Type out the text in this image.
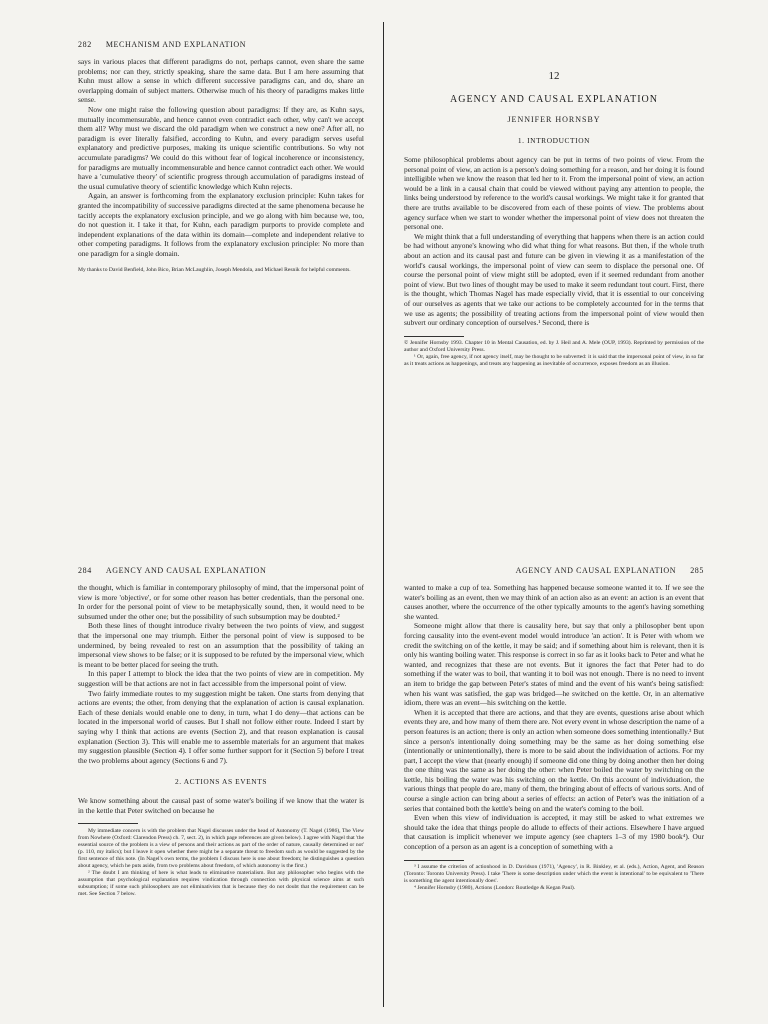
282 MECHANISM AND EXPLANATION

says in various places that different paradigms do not, perhaps cannot, even share the same problems; nor can they, strictly speaking, share the same data. But I am here assuming that Kuhn must allow a sense in which different successive paradigms can, and do, share an overlapping domain of subject matters. Otherwise much of his theory of paradigms makes little sense.

Now one might raise the following question about paradigms: If they are, as Kuhn says, mutually incommensurable, and hence cannot even contradict each other, why can't we accept them all? Why must we discard the old paradigm when we construct a new one? After all, no paradigm is ever literally falsified, according to Kuhn, and every paradigm serves useful explanatory and predictive purposes, making its unique scientific contributions. So why not accumulate paradigms? We could do this without fear of logical incoherence or inconsistency, for paradigms are mutually incommensurable and hence cannot contradict each other. We would have a 'cumulative theory' of scientific progress through accumulation of paradigms instead of the usual cumulative theory of scientific knowledge which Kuhn rejects.

Again, an answer is forthcoming from the explanatory exclusion principle: Kuhn takes for granted the incompatibility of successive paradigms directed at the same phenomena because he tacitly accepts the explanatory exclusion principle, and we go along with him because we, too, do not question it. I take it that, for Kuhn, each paradigm purports to provide complete and independent explanations of the data within its domain—complete and independent relative to other competing paradigms. It follows from the explanatory exclusion principle: No more than one paradigm for a single domain.

My thanks to David Benfield, John Bico, Brian McLaughlin, Joseph Mendola, and Michael Resnik for helpful comments.

12
AGENCY AND CAUSAL EXPLANATION
JENNIFER HORNSBY
1. INTRODUCTION

Some philosophical problems about agency can be put in terms of two points of view. From the personal point of view, an action is a person's doing something for a reason, and her doing it is found intelligible when we know the reason that led her to it. From the impersonal point of view, an action would be a link in a causal chain that could be viewed without paying any attention to people, the links being understood by reference to the world's causal workings. We might take it for granted that there are truths available to be discovered from each of these points of view. The problems about agency surface when we start to wonder whether the impersonal point of view does not threaten the personal one.

We might think that a full understanding of everything that happens when there is an action could be had without anyone's knowing who did what thing for what reasons. But then, if the whole truth about an action and its causal past and future can be given in viewing it as a manifestation of the world's causal workings, the impersonal point of view can seem to displace the personal one. Of course the personal point of view might still be adopted, even if it seemed redundant from another point of view. But two lines of thought may be used to make it seem redundant tout court. First, there is the thought, which Thomas Nagel has made especially vivid, that it is essential to our conceiving of our ourselves as agents that we take our actions to be completely accounted for in the terms that we use as agents; the possibility of treating actions from the impersonal point of view would then subvert our ordinary conception of ourselves.¹ Second, there is

© Jennifer Hornsby 1993. Chapter 10 in Mental Causation, ed. by J. Heil and A. Mele (OUP, 1993). Reprinted by permission of the author and Oxford University Press.

¹ Or, again, free agency, if not agency itself, may be thought to be subverted: it is said that the impersonal point of view, in so far as it treats actions as happenings, and treats any happening as inevitable of occurrence, exposes freedom as an illusion.

284 AGENCY AND CAUSAL EXPLANATION

the thought, which is familiar in contemporary philosophy of mind, that the impersonal point of view is more 'objective', or for some other reason has better credentials, than the personal one. In order for the personal point of view to be metaphysically sound, then, it would need to be subsumed under the other one; but the possibility of such subsumption may be doubted.²

Both these lines of thought introduce rivalry between the two points of view, and suggest that the impersonal one may triumph. Either the personal point of view is supposed to be undermined, by being revealed to rest on an assumption that the possibility of taking an impersonal view shows to be false; or it is supposed to be refuted by the impersonal view, which is meant to be better placed for seeing the truth.

In this paper I attempt to block the idea that the two points of view are in competition. My suggestion will be that actions are not in fact accessible from the impersonal point of view.

Two fairly immediate routes to my suggestion might be taken. One starts from denying that actions are events; the other, from denying that the explanation of action is causal explanation. Each of these denials would enable one to deny, in turn, what I do deny—that actions can be located in the impersonal world of causes. But I shall not follow either route. Indeed I start by saying why I think that actions are events (Section 2), and that reason explanation is causal explanation (Section 3). This will enable me to assemble materials for an argument that makes my suggestion plausible (Section 4). I offer some further support for it (Section 5) before I treat the two problems about agency (Sections 6 and 7).

2. ACTIONS AS EVENTS

We know something about the causal past of some water's boiling if we know that the water is in the kettle that Peter switched on because he

My immediate concern is with the problem that Nagel discusses under the head of Autonomy (T. Nagel (1986), The View from Nowhere (Oxford: Clarendon Press) ch. 7, sect. 2), in which page references are given below). I agree with Nagel that 'the essential source of the problem is a view of persons and their actions as part of the order of nature, causally determined or not' (p. 110, my italics); but I leave it open whether there might be a separate threat to freedom such as would be suggested by the first sentence of this note. (In Nagel's own terms, the problem I discuss here is one about freedom; he distinguishes a question about agency, which he puts aside, from two problems about freedom, of which autonomy is the first.)

² The doubt I am thinking of here is what leads to eliminative materialism. But any philosopher who begins with the assumption that psychological explanation requires vindication through connection with physical science aims at such subsumption; if some such philosophers are not eliminativists that is because they do not doubt that the requirement can be met. See Section 7 below.

AGENCY AND CAUSAL EXPLANATION 285

wanted to make a cup of tea. Something has happened because someone wanted it to. If we see the water's boiling as an event, then we may think of an action also as an event: an action is an event that causes another, where the occurrence of the other typically amounts to the agent's having something she wanted.

Someone might allow that there is causality here, but say that only a philosopher bent upon forcing causality into the event-event model would introduce 'an action'. It is Peter with whom we credit the switching on of the kettle, it may be said; and if something about him is relevant, then it is only his wanting boiling water. This response is correct in so far as it looks back to Peter and what he wanted, and recognizes that these are not events. But it ignores the fact that Peter had to do something if the water was to boil, that wanting it to boil was not enough. There is no need to invent an item to bridge the gap between Peter's states of mind and the event of his want's being satisfied: when his want was satisfied, the gap was bridged—he switched on the kettle. Or, in an alternative idiom, there was an event—his switching on the kettle.

When it is accepted that there are actions, and that they are events, questions arise about which events they are, and how many of them there are. Not every event in whose description the name of a person features is an action; there is only an action when someone does something intentionally.³ But since a person's intentionally doing something may be the same as her doing something else (intentionally or unintentionally), there is more to be said about the individuation of actions. For my part, I accept the view that (nearly enough) if someone did one thing by doing another then her doing the one thing was the same as her doing the other: when Peter boiled the water by switching on the kettle, his boiling the water was his switching on the kettle. On this account of individuation, the various things that people do are, many of them, the bringing about of effects of various sorts. And of course a single action can bring about a series of effects: an action of Peter's was the initiation of a series that contained both the kettle's being on and the water's coming to the boil.

Even when this view of individuation is accepted, it may still be asked to what extremes we should take the idea that things people do allude to effects of their actions. Elsewhere I have argued that causation is implicit whenever we impute agency (see chapters 1–3 of my 1980 book⁴). Our conception of a person as an agent is a conception of something with a

³ I assume the criterion of actionhood in D. Davidson (1971), 'Agency', in R. Binkley, et al. (eds.), Action, Agent, and Reason (Toronto: Toronto University Press). I take 'There is some description under which the event is intentional' to be equivalent to 'There is something the agent intentionally does'.

⁴ Jennifer Hornsby (1980), Actions (London: Routledge & Kegan Paul).
